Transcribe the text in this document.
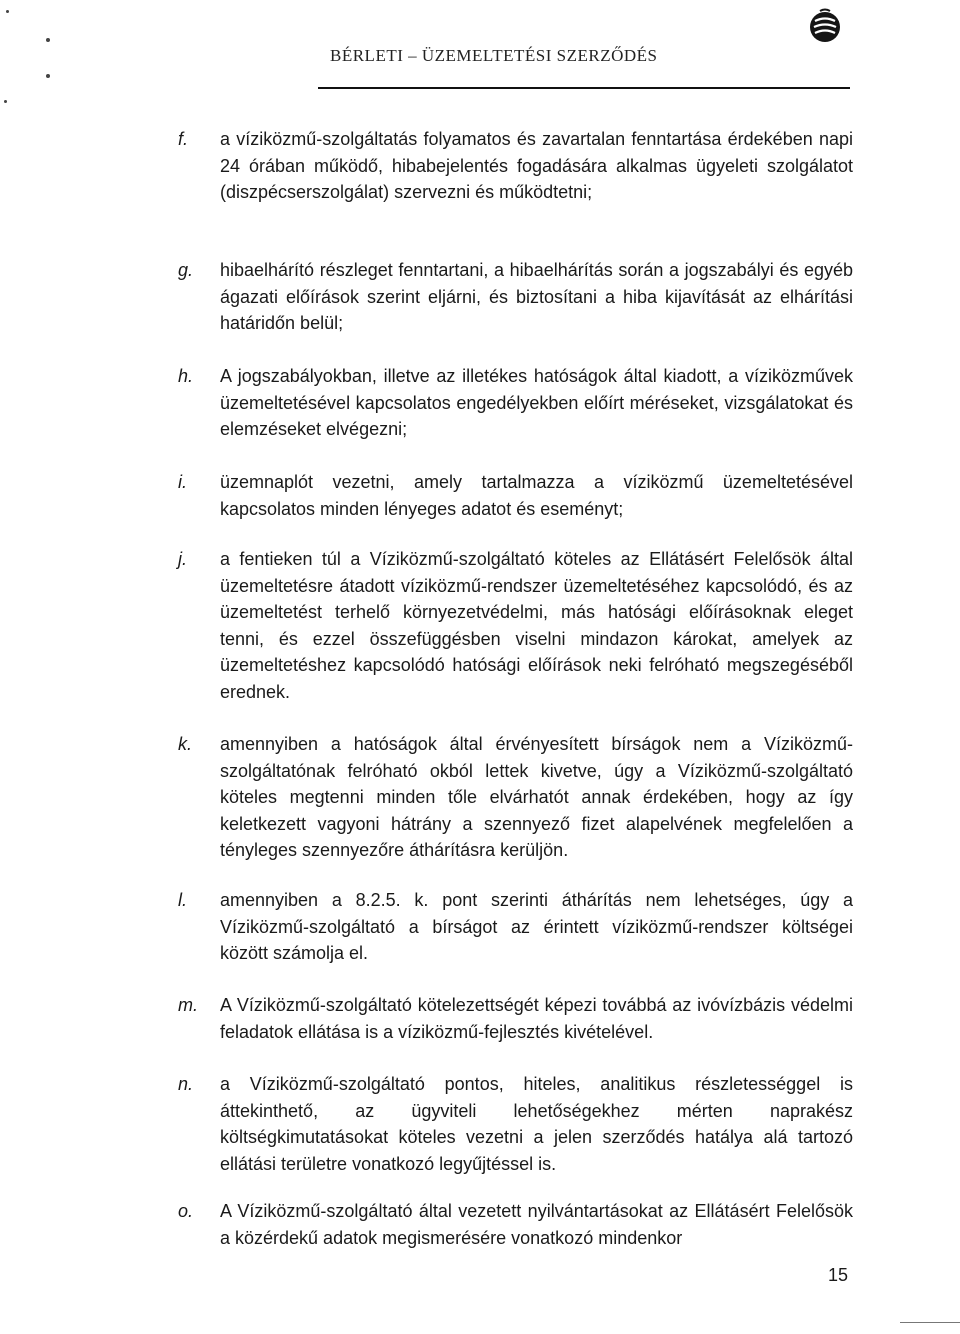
BÉRLETI – ÜZEMELTETÉSI SZERZŐDÉS
f. a víziközmű-szolgáltatás folyamatos és zavartalan fenntartása érdekében napi 24 órában működő, hibabejelentés fogadására alkalmas ügyeleti szolgálatot (diszpécserszolgálat) szervezni és működtetni;
g. hibaelhárító részleget fenntartani, a hibaelhárítás során a jogszabályi és egyéb ágazati előírások szerint eljárni, és biztosítani a hiba kijavítását az elhárítási határidőn belül;
h. A jogszabályokban, illetve az illetékes hatóságok által kiadott, a víziközművek üzemeltetésével kapcsolatos engedélyekben előírt méréseket, vizsgálatokat és elemzéseket elvégezni;
i. üzemnaplót vezetni, amely tartalmazza a víziközmű üzemeltetésével kapcsolatos minden lényeges adatot és eseményt;
j. a fentieken túl a Víziközmű-szolgáltató köteles az Ellátásért Felelősök által üzemeltetésre átadott víziközmű-rendszer üzemeltetéséhez kapcsolódó, és az üzemeltetést terhelő környezetvédelmi, más hatósági előírásoknak eleget tenni, és ezzel összefüggésben viselni mindazon károkat, amelyek az üzemeltetéshez kapcsolódó hatósági előírások neki felróható megszegéséből erednek.
k. amennyiben a hatóságok által érvényesített bírságok nem a Víziközmű-szolgáltatónak felróható okból lettek kivetve, úgy a Víziközmű-szolgáltató köteles megtenni minden tőle elvárhatót annak érdekében, hogy az így keletkezett vagyoni hátrány a szennyező fizet alapelvének megfelelően a tényleges szennyezőre áthárításra kerüljön.
l. amennyiben a 8.2.5. k. pont szerinti áthárítás nem lehetséges, úgy a Víziközmű-szolgáltató a bírságot az érintett víziközmű-rendszer költségei között számolja el.
m. A Víziközmű-szolgáltató kötelezettségét képezi továbbá az ivóvízbázis védelmi feladatok ellátása is a víziközmű-fejlesztés kivételével.
n. a Víziközmű-szolgáltató pontos, hiteles, analitikus részletességgel is áttekinthető, az ügyviteli lehetőségekhez mérten naprakész költségkimutatásokat köteles vezetni a jelen szerződés hatálya alá tartozó ellátási területre vonatkozó legyűjtéssel is.
o. A Víziközmű-szolgáltató által vezetett nyilvántartásokat az Ellátásért Felelősök a közérdekű adatok megismerésére vonatkozó mindenkor
15
